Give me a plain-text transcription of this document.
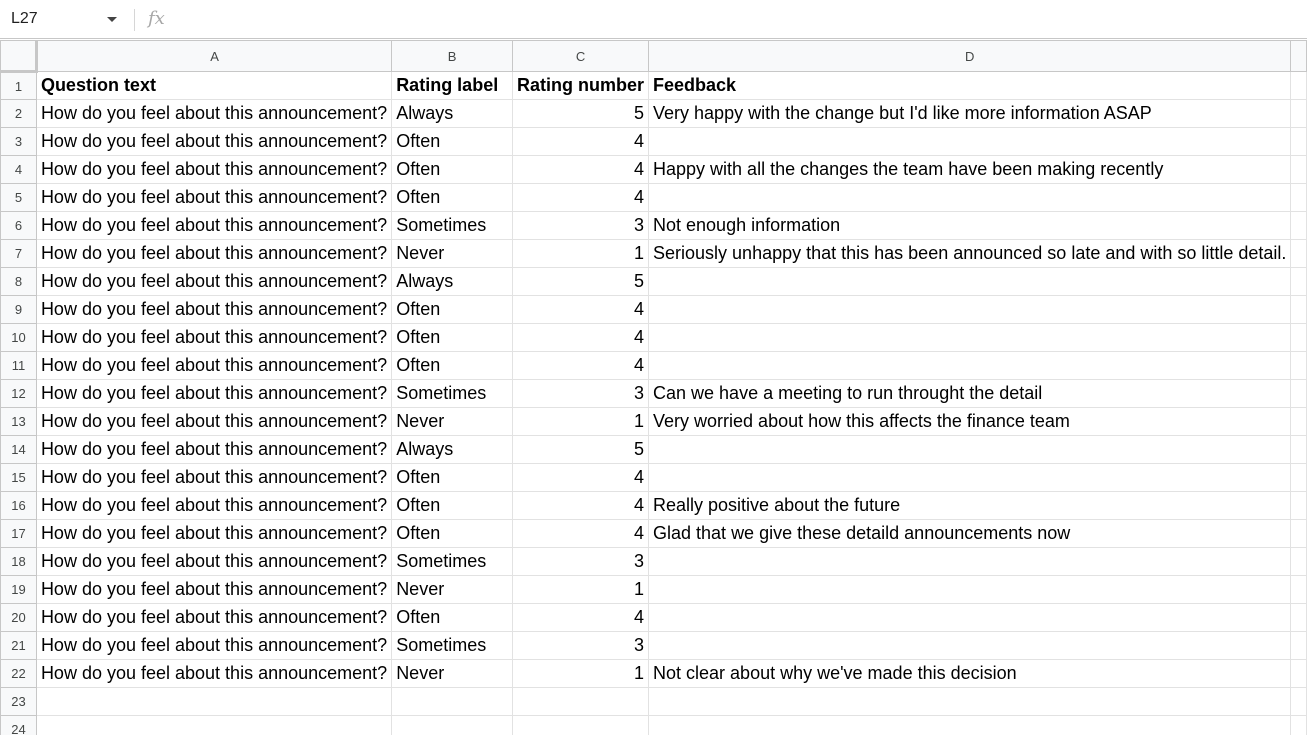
L27	fx
	A	B	C	D	
1	Question text	Rating label	Rating number	Feedback	
2	How do you feel about this announcement?	Always	5	Very happy with the change but I'd like more information ASAP	
3	How do you feel about this announcement?	Often	4		
4	How do you feel about this announcement?	Often	4	Happy with all the changes the team have been making recently	
5	How do you feel about this announcement?	Often	4		
6	How do you feel about this announcement?	Sometimes	3	Not enough information	
7	How do you feel about this announcement?	Never	1	Seriously unhappy that this has been announced so late and with so little detail.	
8	How do you feel about this announcement?	Always	5		
9	How do you feel about this announcement?	Often	4		
10	How do you feel about this announcement?	Often	4		
11	How do you feel about this announcement?	Often	4		
12	How do you feel about this announcement?	Sometimes	3	Can we have a meeting to run throught the detail	
13	How do you feel about this announcement?	Never	1	Very worried about how this affects the finance team	
14	How do you feel about this announcement?	Always	5		
15	How do you feel about this announcement?	Often	4		
16	How do you feel about this announcement?	Often	4	Really positive about the future	
17	How do you feel about this announcement?	Often	4	Glad that we give these detaild announcements now	
18	How do you feel about this announcement?	Sometimes	3		
19	How do you feel about this announcement?	Never	1		
20	How do you feel about this announcement?	Often	4		
21	How do you feel about this announcement?	Sometimes	3		
22	How do you feel about this announcement?	Never	1	Not clear about why we've made this decision	
23					
24					
